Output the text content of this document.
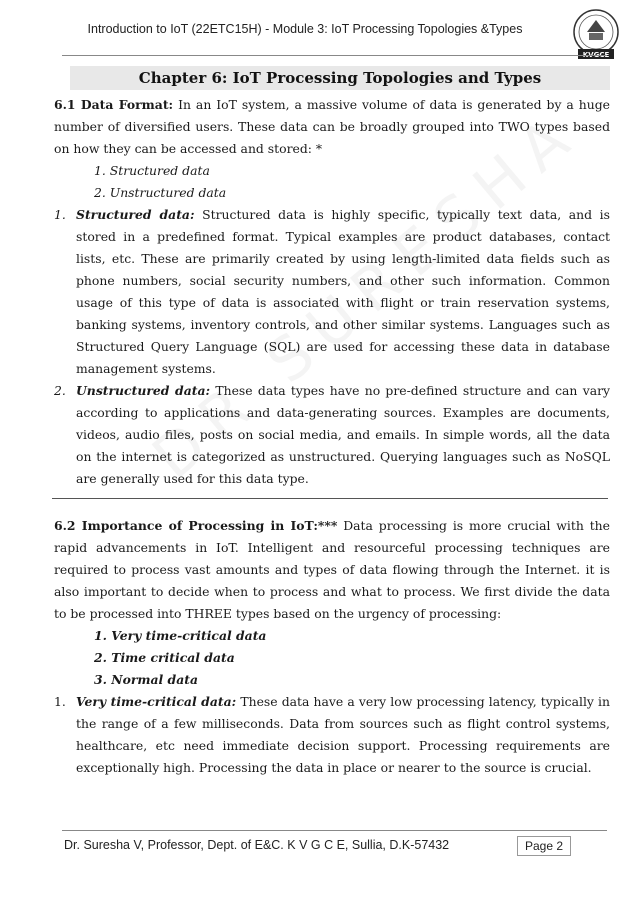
Introduction to IoT (22ETC15H) - Module 3: IoT Processing Topologies &Types
KVGCE
Chapter 6: IoT Processing Topologies and Types
6.1 Data Format: In an IoT system, a massive volume of data is generated by a huge number of diversified users. These data can be broadly grouped into TWO types based on how they can be accessed and stored: *
1. Structured data
2. Unstructured data
1. Structured data: Structured data is highly specific, typically text data, and is stored in a predefined format. Typical examples are product databases, contact lists, etc. These are primarily created by using length-limited data fields such as phone numbers, social security numbers, and other such information. Common usage of this type of data is associated with flight or train reservation systems, banking systems, inventory controls, and other similar systems. Languages such as Structured Query Language (SQL) are used for accessing these data in database management systems.
2. Unstructured data: These data types have no pre-defined structure and can vary according to applications and data-generating sources. Examples are documents, videos, audio files, posts on social media, and emails. In simple words, all the data on the internet is categorized as unstructured. Querying languages such as NoSQL are generally used for this data type.
6.2 Importance of Processing in IoT:*** Data processing is more crucial with the rapid advancements in IoT. Intelligent and resourceful processing techniques are required to process vast amounts and types of data flowing through the Internet. it is also important to decide when to process and what to process. We first divide the data to be processed into THREE types based on the urgency of processing:
1. Very time-critical data
2. Time critical data
3. Normal data
1. Very time-critical data: These data have a very low processing latency, typically in the range of a few milliseconds. Data from sources such as flight control systems, healthcare, etc need immediate decision support. Processing requirements are exceptionally high. Processing the data in place or nearer to the source is crucial.
Dr. Suresha V, Professor, Dept. of E&C. K V G C E, Sullia, D.K-57432	Page 2
